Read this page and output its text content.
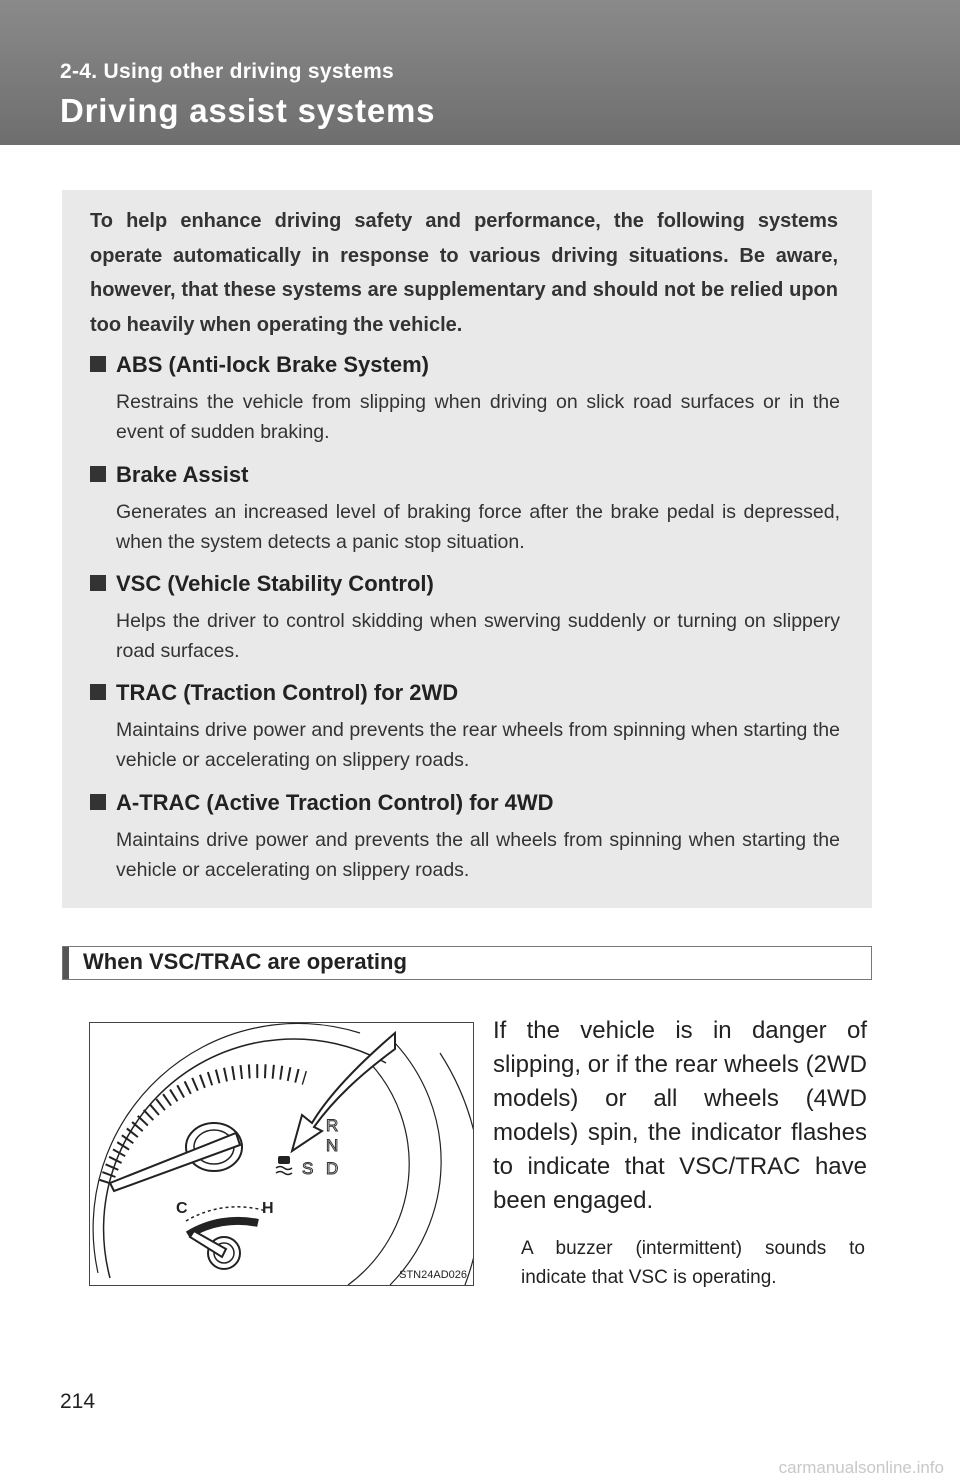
2-4. Using other driving systems
Driving assist systems
To help enhance driving safety and performance, the following systems operate automatically in response to various driving situations. Be aware, however, that these systems are supplementary and should not be relied upon too heavily when operating the vehicle.
ABS (Anti-lock Brake System)
Restrains the vehicle from slipping when driving on slick road surfaces or in the event of sudden braking.
Brake Assist
Generates an increased level of braking force after the brake pedal is depressed, when the system detects a panic stop situation.
VSC (Vehicle Stability Control)
Helps the driver to control skidding when swerving suddenly or turning on slippery road surfaces.
TRAC (Traction Control) for 2WD
Maintains drive power and prevents the rear wheels from spinning when starting the vehicle or accelerating on slippery roads.
A-TRAC (Active Traction Control) for 4WD
Maintains drive power and prevents the all wheels from spinning when starting the vehicle or accelerating on slippery roads.
When VSC/TRAC are operating
C	H
R
N
D
S
STN24AD026
If the vehicle is in danger of slipping, or if the rear wheels (2WD models) or all wheels (4WD models) spin, the indicator flashes to indicate that VSC/TRAC have been engaged.
A buzzer (intermittent) sounds to indicate that VSC is operating.
214
carmanualsonline.info
